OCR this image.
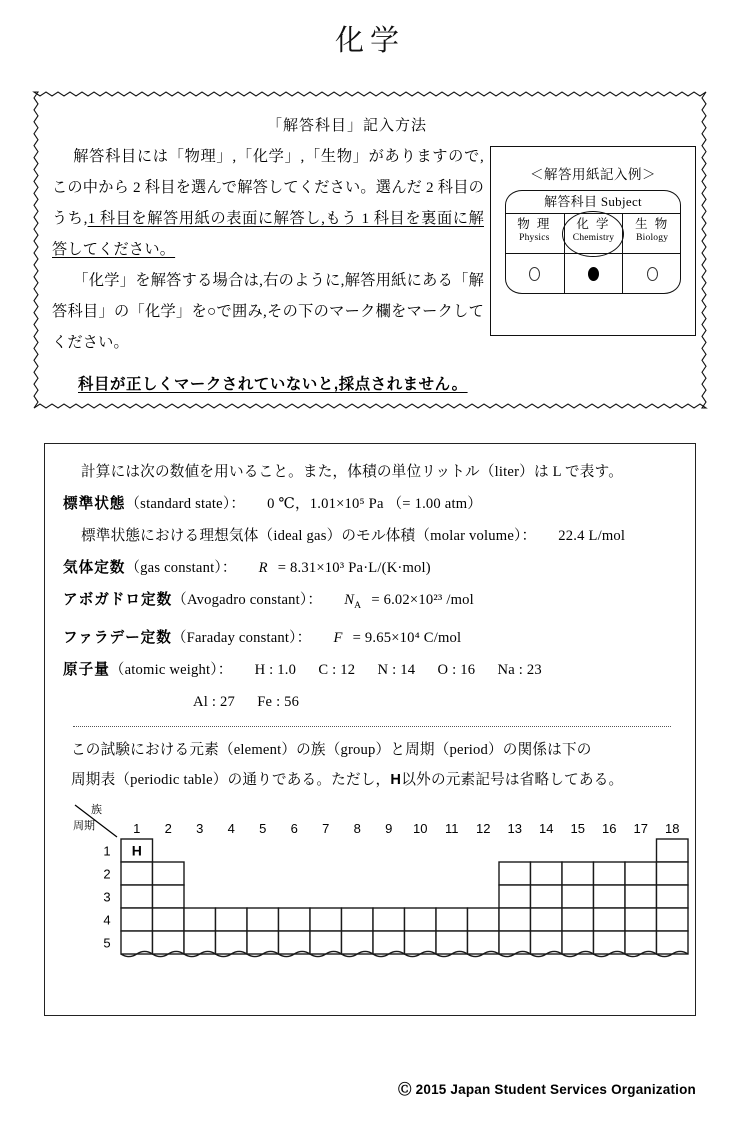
化学
「解答科目」記入方法

解答科目には「物理」,「化学」,「生物」がありますので,この中から 2 科目を選んで解答してください。選んだ 2 科目のうち,1 科目を解答用紙の表面に解答し,もう 1 科目を裏面に解答してください。

「化学」を解答する場合は,右のように,解答用紙にある「解答科目」の「化学」を○で囲み,その下のマーク欄をマークしてください。

科目が正しくマークされていないと,採点されません。
＜解答用紙記入例＞
解答科目 Subject
物 理
Physics
化 学
Chemistry
生 物
Biology
計算には次の数値を用いること。また，体積の単位リットル（liter）は L で表す。
標準状態（standard state）： 0 ℃，1.01×10⁵ Pa （= 1.00 atm）
標準状態における理想気体（ideal gas）のモル体積（molar volume）： 22.4 L/mol
気体定数（gas constant）： R = 8.31×10³ Pa·L/(K·mol)
アボガドロ定数（Avogadro constant）： $N_A = 6.02\times 10^{23}$ /mol
ファラデー定数（Faraday constant）： F = 9.65×10⁴ C/mol
原子量（atomic weight）： H : 1.0  C : 12  N : 14  O : 16  Na : 23
Al : 27  Fe : 56
この試験における元素（element）の族（group）と周期（period）の関係は下の
周期表（periodic table）の通りである。ただし，H以外の元素記号は省略してある。
族
周期	1 2 3 4 5 6 7 8 9 10 11 12 13 14 15 16 17 18
1
2
3
4
5
H
Ⓒ 2015 Japan Student Services Organization
